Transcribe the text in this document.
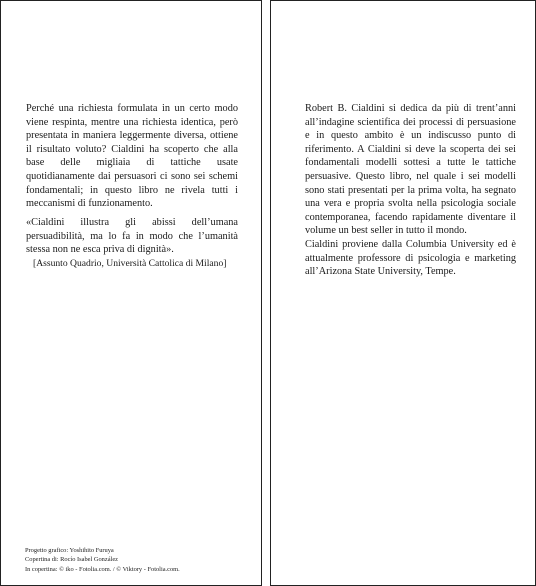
Perché una richiesta formulata in un certo modo viene respinta, mentre una richiesta identica, però presentata in maniera leggermente diversa, ottiene il risultato voluto? Cialdini ha scoperto che alla base delle migliaia di tattiche usate quotidianamente dai persuasori ci sono sei schemi fondamentali; in questo libro ne rivela tutti i meccanismi di funzionamento.

«Cialdini illustra gli abissi dell’umana persuadibilità, ma lo fa in modo che l’umanità stessa non ne esca priva di dignità».

[Assunto Quadrio, Università Cattolica di Milano]
Progetto grafico: Yoshihito Furuya
Copertina di: Rocío Isabel González
In copertina: © iko - Fotolia.com. / © Viktory - Fotolia.com.

Robert B. Cialdini si dedica da più di trent’anni all’indagine scientifica dei processi di persuasione e in questo ambito è un indiscusso punto di riferimento. A Cialdini si deve la scoperta dei sei fondamentali modelli sottesi a tutte le tattiche persuasive. Questo libro, nel quale i sei modelli sono stati presentati per la prima volta, ha segnato una vera e propria svolta nella psicologia sociale contemporanea, facendo rapidamente diventare il volume un best seller in tutto il mondo.

Cialdini proviene dalla Columbia University ed è attualmente professore di psicologia e marketing all’Arizona State University, Tempe.
